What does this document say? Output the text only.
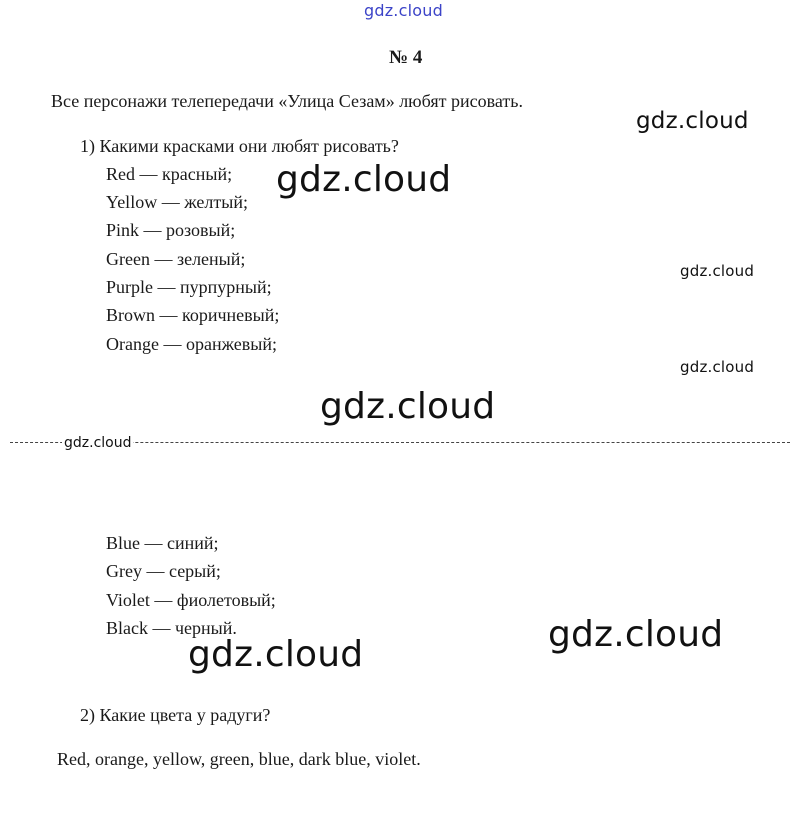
gdz.cloud
gdz.cloud
gdz.cloud
gdz.cloud
gdz.cloud
gdz.cloud
gdz.cloud
gdz.cloud
№ 4
Все персонажи телепередачи «Улица Сезам» любят рисовать.
1) Какими красками они любят рисовать?
Red — красный;
Yellow — желтый;
Pink — розовый;
Green — зеленый;
Purple — пурпурный;
Brown — коричневый;
Orange — оранжевый;
gdz.cloud
Blue — синий;
Grey — серый;
Violet — фиолетовый;
Black — черный.
2) Какие цвета у радуги?
Red, orange, yellow, green, blue, dark blue, violet.
